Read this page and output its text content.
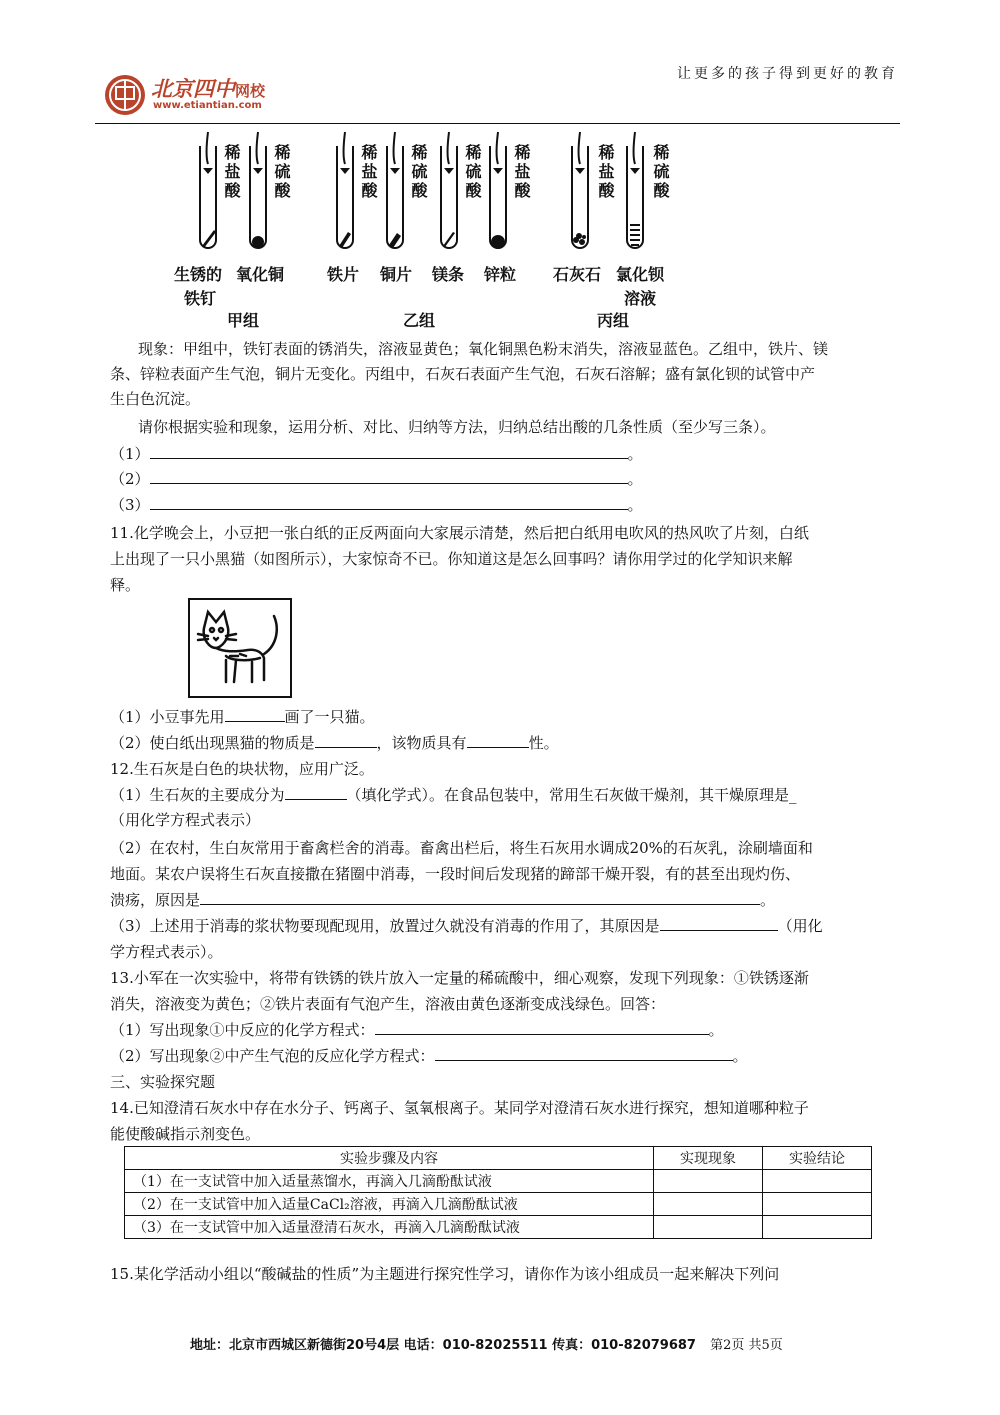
北京四中网校
www.etiantian.com
让更多的孩子得到更好的教育
稀盐酸 稀硫酸	稀盐酸 稀硫酸 稀硫酸 稀盐酸	稀盐酸 稀硫酸
生锈的
铁钉
氧化铜	铁片 铜片 镁条 锌粒 石灰石 氯化钡
溶液
甲组	乙组	丙组
现象：甲组中，铁钉表面的锈消失，溶液显黄色；氧化铜黑色粉末消失，溶液显蓝色。乙组中，铁片、镁
条、锌粒表面产生气泡，铜片无变化。丙组中，石灰石表面产生气泡，石灰石溶解；盛有氯化钡的试管中产
生白色沉淀。
请你根据实验和现象，运用分析、对比、归纳等方法，归纳总结出酸的几条性质（至少写三条）。
（1）	。
（2）	。
（3）	。
11.化学晚会上，小豆把一张白纸的正反两面向大家展示清楚，然后把白纸用电吹风的热风吹了片刻，白纸
上出现了一只小黑猫（如图所示），大家惊奇不已。你知道这是怎么回事吗？请你用学过的化学知识来解
释。
（1）小豆事先用	画了一只猫。
（2）使白纸出现黑猫的物质是	，该物质具有	性。
12.生石灰是白色的块状物，应用广泛。
（1）生石灰的主要成分为	（填化学式）。在食品包装中，常用生石灰做干燥剂，其干燥原理是_
（用化学方程式表示）
（2）在农村，生白灰常用于畜禽栏舍的消毒。畜禽出栏后，将生石灰用水调成20%的石灰乳，涂刷墙面和
地面。某农户误将生石灰直接撒在猪圈中消毒，一段时间后发现猪的蹄部干燥开裂，有的甚至出现灼伤、
溃疡，原因是	。
（3）上述用于消毒的浆状物要现配现用，放置过久就没有消毒的作用了，其原因是	（用化
学方程式表示）。
13.小军在一次实验中，将带有铁锈的铁片放入一定量的稀硫酸中，细心观察，发现下列现象：①铁锈逐渐
消失，溶液变为黄色；②铁片表面有气泡产生，溶液由黄色逐渐变成浅绿色。回答：
（1）写出现象①中反应的化学方程式：	。
（2）写出现象②中产生气泡的反应化学方程式：	。
三、实验探究题
14.已知澄清石灰水中存在水分子、钙离子、氢氧根离子。某同学对澄清石灰水进行探究，想知道哪种粒子
能使酸碱指示剂变色。
实验步骤及内容	实现现象	实验结论
（1）在一支试管中加入适量蒸馏水，再滴入几滴酚酞试液		
（2）在一支试管中加入适量CaCl₂溶液，再滴入几滴酚酞试液		
（3）在一支试管中加入适量澄清石灰水，再滴入几滴酚酞试液		
15.某化学活动小组以“酸碱盐的性质”为主题进行探究性学习，请你作为该小组成员一起来解决下列问
地址：北京市西城区新德街20号4层 电话：010-82025511 传真：010-82079687 第2页 共5页
